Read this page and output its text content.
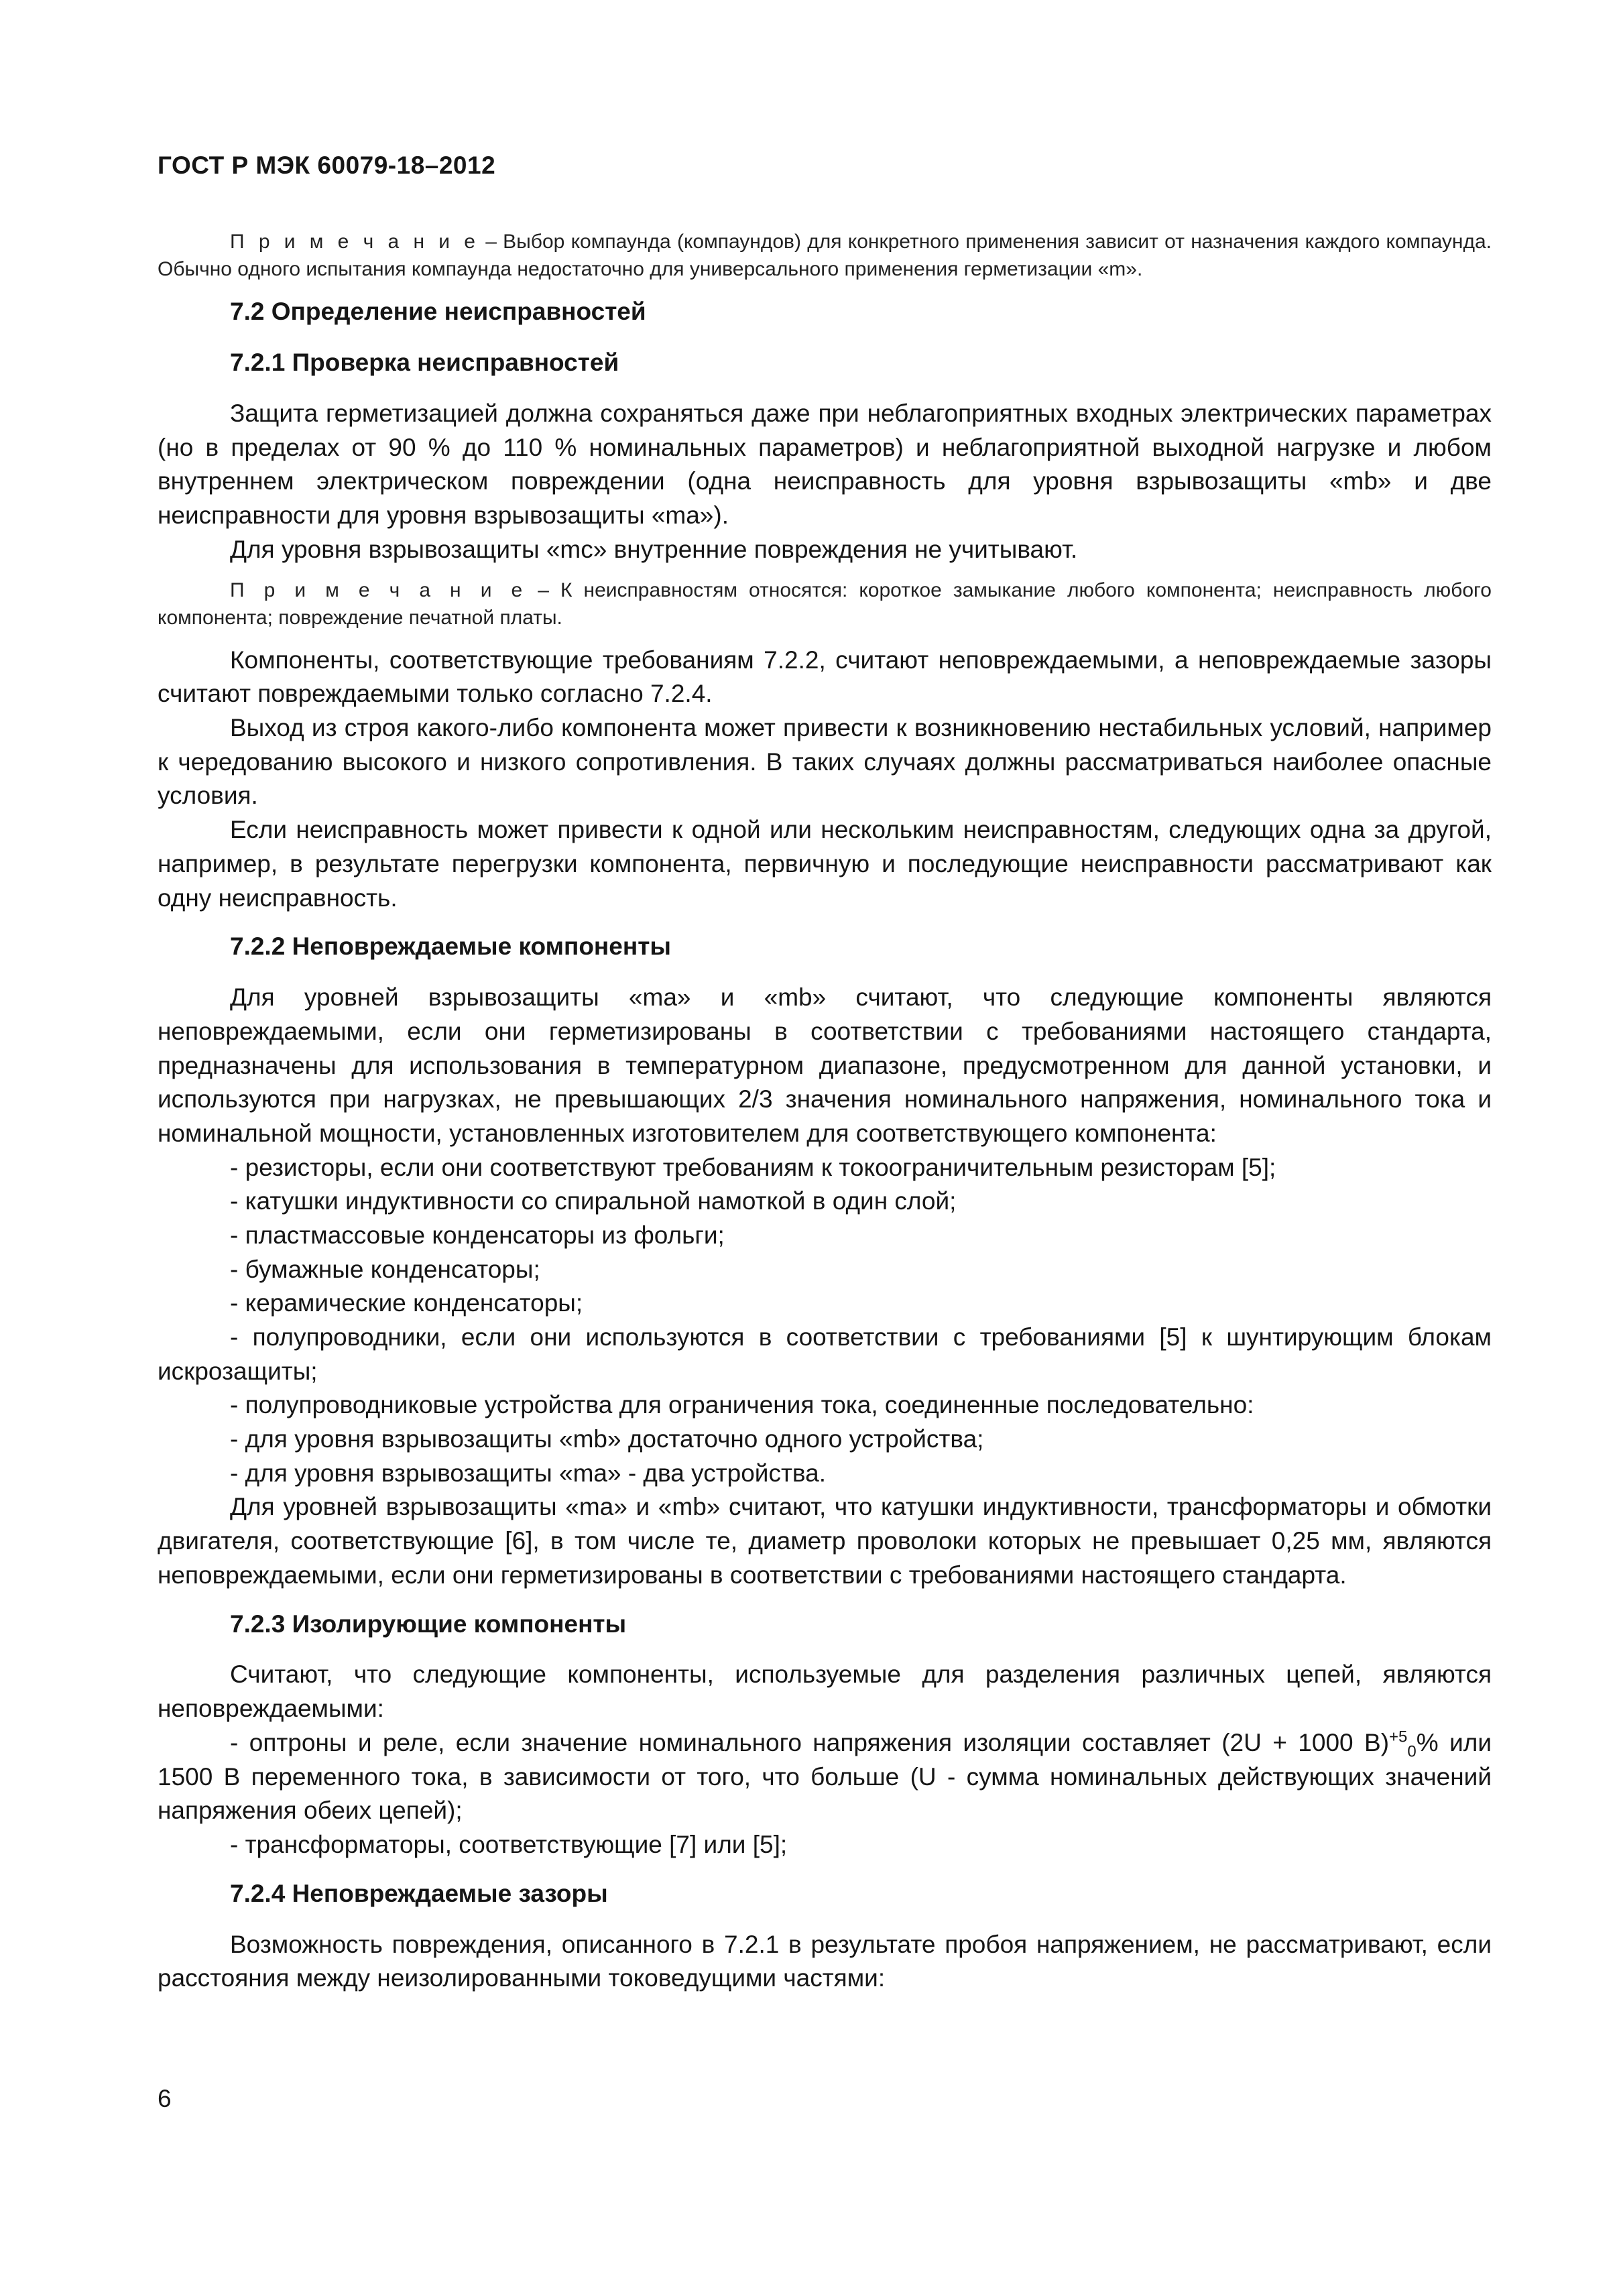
ГОСТ Р МЭК 60079-18–2012

П р и м е ч а н и е – Выбор компаунда (компаундов) для конкретного применения зависит от назначения каждого компаунда. Обычно одного испытания компаунда недостаточно для универсального применения герметизации «m».

7.2 Определение неисправностей
7.2.1 Проверка неисправностей

Защита герметизацией должна сохраняться даже при неблагоприятных входных электрических параметрах (но в пределах от 90 % до 110 % номинальных параметров) и неблагоприятной выходной нагрузке и любом внутреннем электрическом повреждении (одна неисправность для уровня взрывозащиты «mb» и две неисправности для уровня взрывозащиты «ma»).

Для уровня взрывозащиты «mc» внутренние повреждения не учитывают.

П р и м е ч а н и е – К неисправностям относятся: короткое замыкание любого компонента; неисправность любого компонента; повреждение печатной платы.

Компоненты, соответствующие требованиям 7.2.2, считают неповреждаемыми, а неповреждаемые зазоры считают повреждаемыми только согласно 7.2.4.

Выход из строя какого-либо компонента может привести к возникновению нестабильных условий, например к чередованию высокого и низкого сопротивления. В таких случаях должны рассматриваться наиболее опасные условия.

Если неисправность может привести к одной или нескольким неисправностям, следующих одна за другой, например, в результате перегрузки компонента, первичную и последующие неисправности рассматривают как одну неисправность.

7.2.2 Неповреждаемые компоненты

Для уровней взрывозащиты «ma» и «mb» считают, что следующие компоненты являются неповреждаемыми, если они герметизированы в соответствии с требованиями настоящего стандарта, предназначены для использования в температурном диапазоне, предусмотренном для данной установки, и используются при нагрузках, не превышающих 2/3 значения номинального напряжения, номинального тока и номинальной мощности, установленных изготовителем для соответствующего компонента:

- резисторы, если они соответствуют требованиям к токоограничительным резисторам [5];

- катушки индуктивности со спиральной намоткой в один слой;

- пластмассовые конденсаторы из фольги;

- бумажные конденсаторы;

- керамические конденсаторы;

- полупроводники, если они используются в соответствии с требованиями [5] к шунтирующим блокам искрозащиты;

- полупроводниковые устройства для ограничения тока, соединенные последовательно:

- для уровня взрывозащиты «mb» достаточно одного устройства;

- для уровня взрывозащиты «ma» - два устройства.

Для уровней взрывозащиты «ma» и «mb» считают, что катушки индуктивности, трансформаторы и обмотки двигателя, соответствующие [6], в том числе те, диаметр проволоки которых не превышает 0,25 мм, являются неповреждаемыми, если они герметизированы в соответствии с требованиями настоящего стандарта.

7.2.3 Изолирующие компоненты

Считают, что следующие компоненты, используемые для разделения различных цепей, являются неповреждаемыми:

- оптроны и реле, если значение номинального напряжения изоляции составляет (2U + 1000 В)$^{+5}_0$% или 1500 В переменного тока, в зависимости от того, что больше (U - сумма номинальных действующих значений напряжения обеих цепей);

- трансформаторы, соответствующие [7] или [5];

7.2.4 Неповреждаемые зазоры

Возможность повреждения, описанного в 7.2.1 в результате пробоя напряжением, не рассматривают, если расстояния между неизолированными токоведущими частями:

6
